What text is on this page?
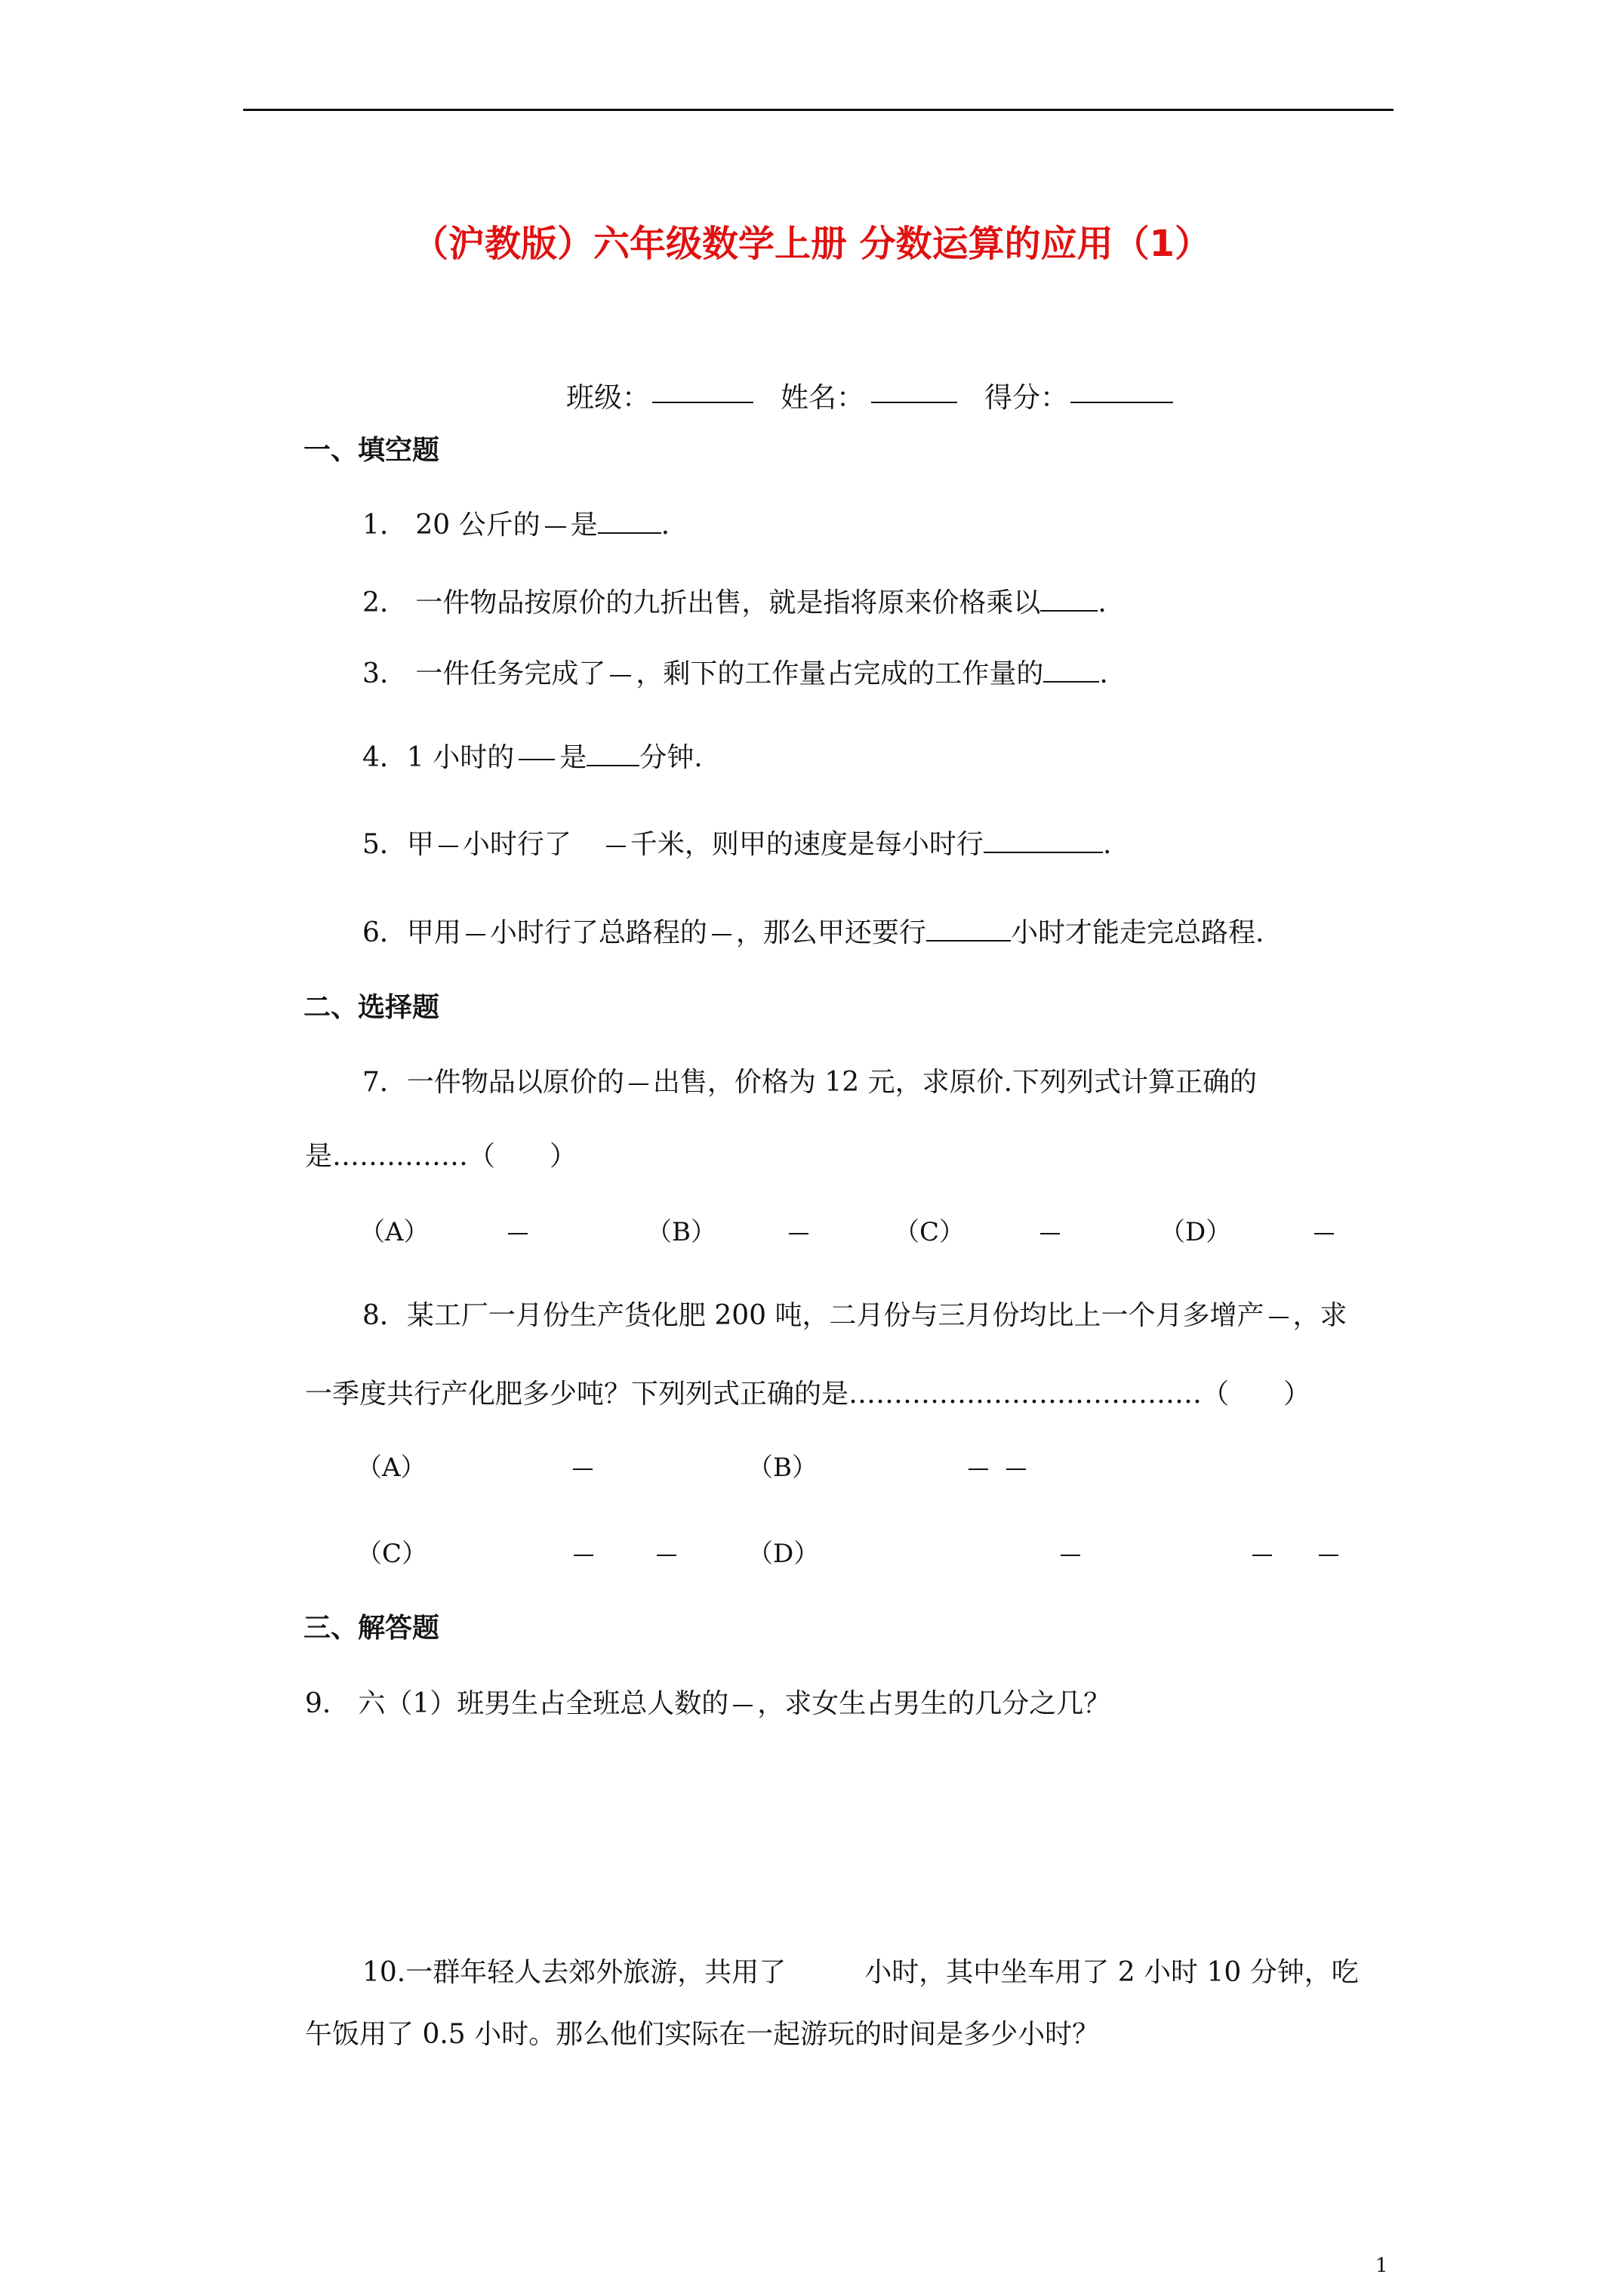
（沪教版）六年级数学上册 分数运算的应用（1）
班级：	姓名：	得分：
一、填空题
1.　20 公斤的 是 .
2.　一件物品按原价的九折出售，就是指将原来价格乘以 .
3.　一件任务完成了 ，剩下的工作量占完成的工作量的 .
4．1 小时的 是 分钟.
5．甲 小时行了 千米，则甲的速度是每小时行	.
6．甲用 小时行了总路程的 ，那么甲还要行	小时才能走完总路程.
二、选择题
7．一件物品以原价的 出售，价格为 12 元，求原价.下列列式计算正确的
是……………（　　）
（A）	（B）	（C）	（D）
8．某工厂一月份生产货化肥 200 吨，二月份与三月份均比上一个月多增产 ，求
一季度共行产化肥多少吨？下列列式正确的是…………………………………（　　）
（A）	（B）
（C）	（D）
三、解答题
9.　六（1）班男生占全班总人数的 ，求女生占男生的几分之几？
10.一群年轻人去郊外旅游，共用了	小时，其中坐车用了 2 小时 10 分钟，吃
午饭用了 0.5 小时。那么他们实际在一起游玩的时间是多少小时？
1
